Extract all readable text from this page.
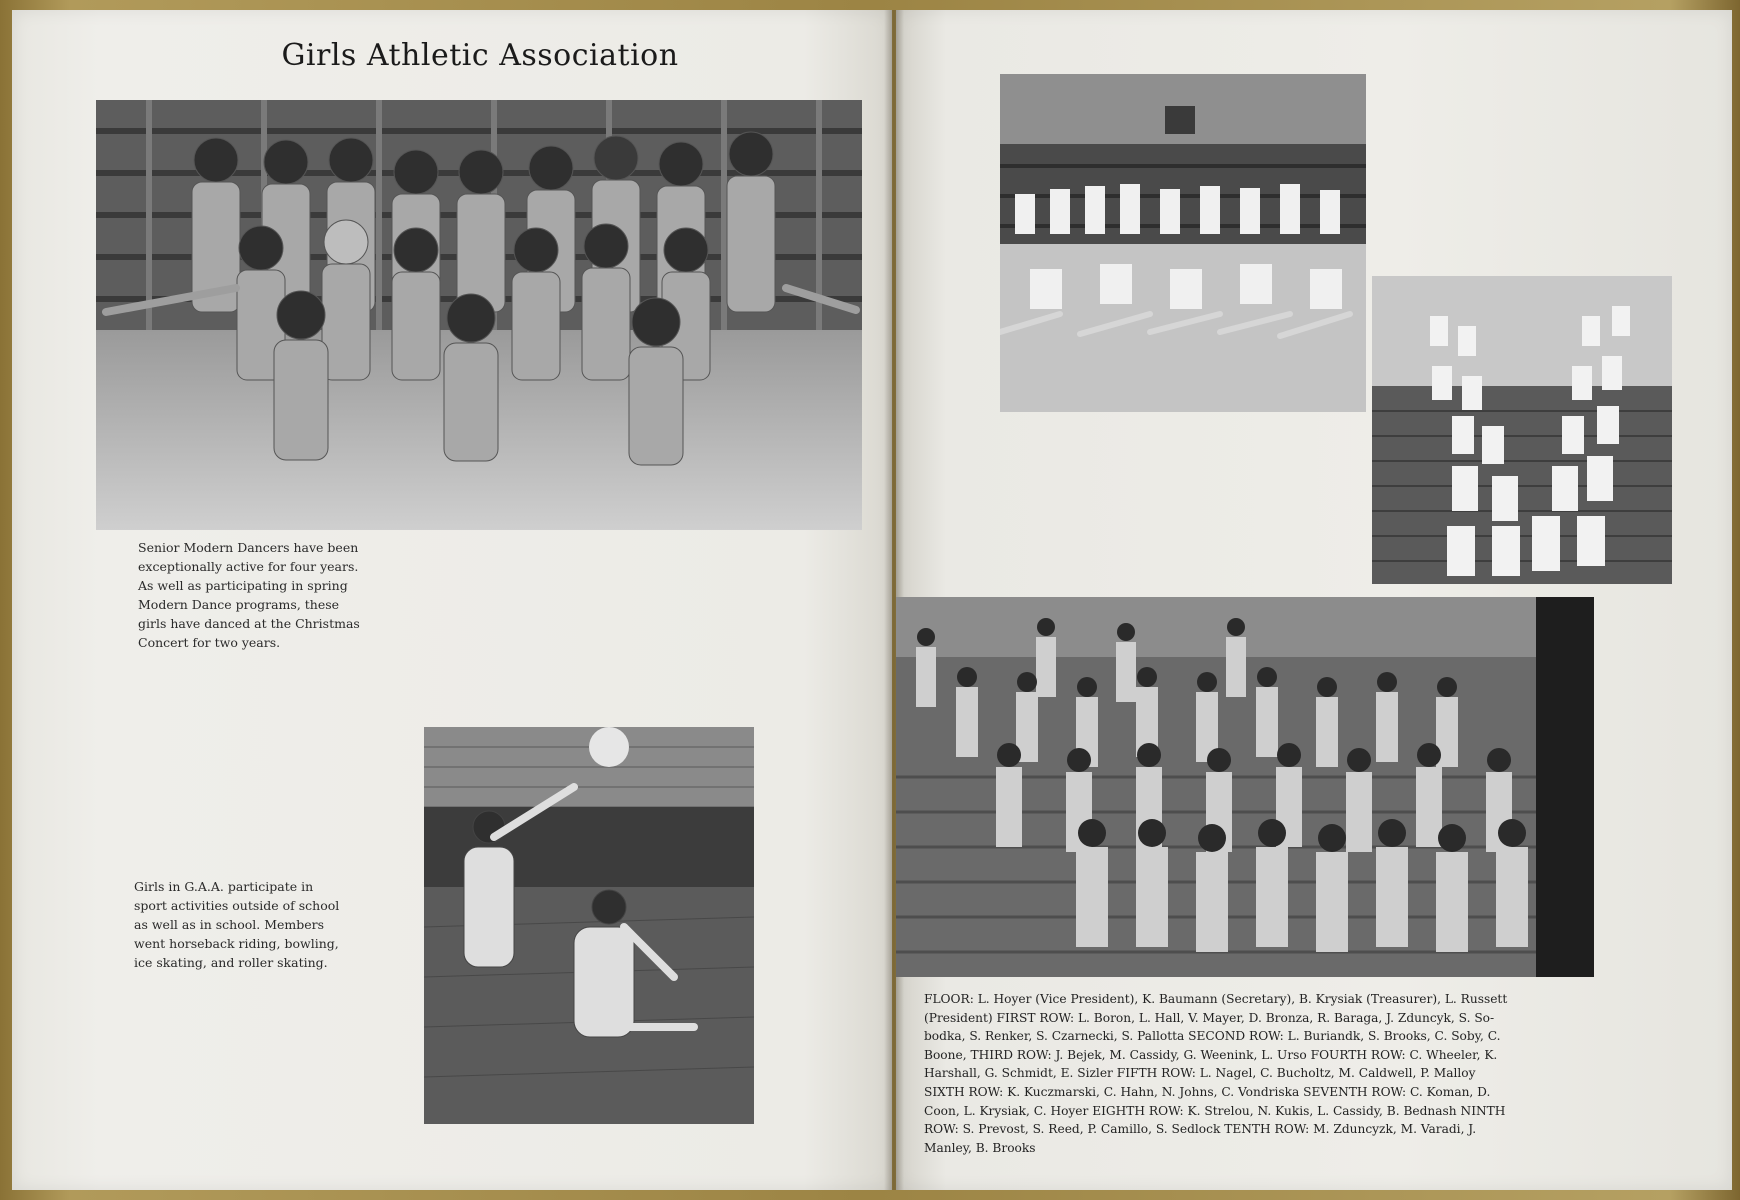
Girls Athletic Association
Senior Modern Dancers have been
exceptionally active for four years.
As well as participating in spring
Modern Dance programs, these
girls have danced at the Christmas
Concert for two years.
Girls in G.A.A. participate in
sport activities outside of school
as well as in school. Members
went horseback riding, bowling,
ice skating, and roller skating.
FLOOR: L. Hoyer (Vice President), K. Baumann (Secretary), B. Krysiak (Treasurer), L. Russett
(President) FIRST ROW: L. Boron, L. Hall, V. Mayer, D. Bronza, R. Baraga, J. Zduncyk, S. So-
bodka, S. Renker, S. Czarnecki, S. Pallotta SECOND ROW: L. Buriandk, S. Brooks, C. Soby, C.
Boone, THIRD ROW: J. Bejek, M. Cassidy, G. Weenink, L. Urso FOURTH ROW: C. Wheeler, K.
Harshall, G. Schmidt, E. Sizler FIFTH ROW: L. Nagel, C. Bucholtz, M. Caldwell, P. Malloy
SIXTH ROW: K. Kuczmarski, C. Hahn, N. Johns, C. Vondriska SEVENTH ROW: C. Koman, D.
Coon, L. Krysiak, C. Hoyer EIGHTH ROW: K. Strelou, N. Kukis, L. Cassidy, B. Bednash NINTH
ROW: S. Prevost, S. Reed, P. Camillo, S. Sedlock TENTH ROW: M. Zduncyzk, M. Varadi, J.
Manley, B. Brooks
